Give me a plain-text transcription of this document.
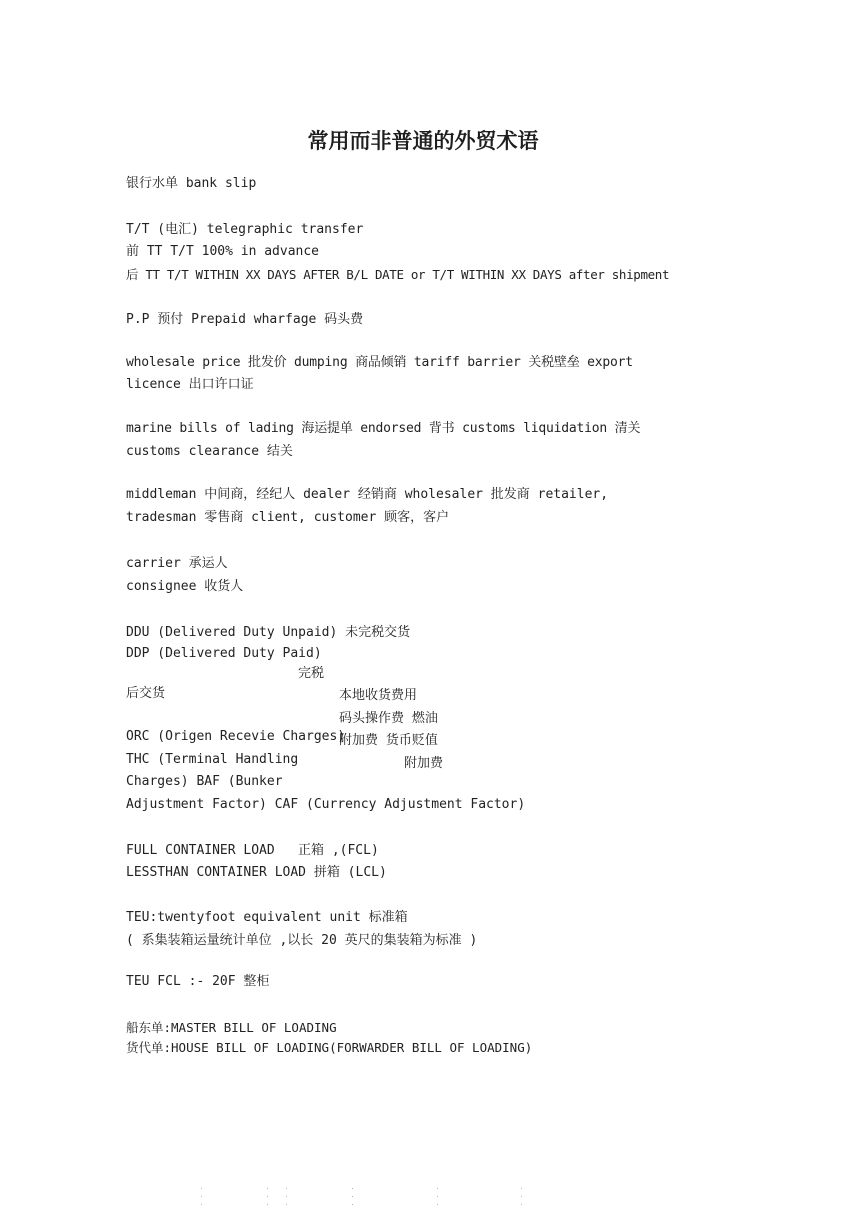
常用而非普通的外贸术语

银行水单 bank slip

T/T (电汇) telegraphic transfer

前 TT T/T 100% in advance

后 TT T/T WITHIN XX DAYS AFTER B/L DATE or T/T WITHIN XX DAYS after shipment

P.P 预付 Prepaid wharfage 码头费

wholesale price 批发价 dumping 商品倾销 tariff barrier 关税壁垒 export

licence 出口许口证

marine bills of lading 海运提单 endorsed 背书 customs liquidation 清关

customs clearance 结关

middleman 中间商，经纪人 dealer 经销商 wholesaler 批发商 retailer,

tradesman 零售商 client, customer 顾客，客户

carrier 承运人

consignee 收货人

DDU (Delivered Duty Unpaid) 未完税交货

DDP (Delivered Duty Paid)

完税

后交货	本地收货费用

码头操作费 燃油

ORC (Origen Recevie Charges)

附加费 货币贬值

THC (Terminal Handling	附加费

Charges) BAF (Bunker

Adjustment Factor) CAF (Currency Adjustment Factor)

FULL CONTAINER LOAD 正箱 ,(FCL)

LESSTHAN CONTAINER LOAD 拼箱 (LCL)

TEU:twentyfoot equivalent unit 标准箱

( 系集装箱运量统计单位 ,以长 20 英尺的集装箱为标准 )

TEU FCL :- 20F 整柜

船东单:MASTER BILL OF LOADING

货代单:HOUSE BILL OF LOADING(FORWARDER BILL OF LOADING)
